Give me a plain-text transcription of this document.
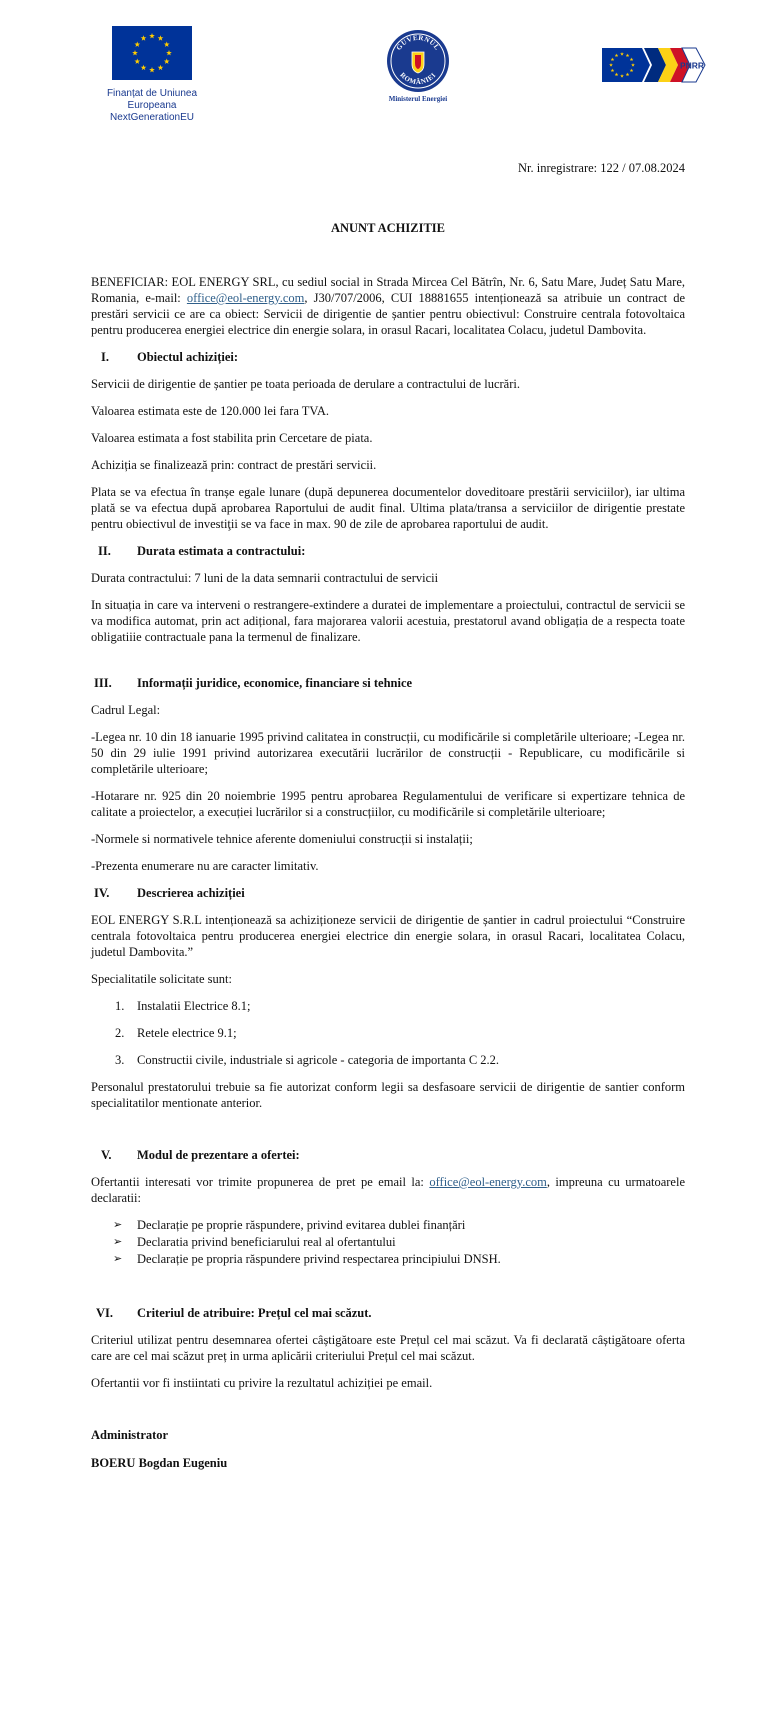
Finanțat de Uniunea Europeana
NextGenerationEU
GUVERNUL
ROMÂNIEI
Ministerul Energiei
PNRR

Nr. inregistrare: 122 / 07.08.2024

ANUNT ACHIZITIE

BENEFICIAR: EOL ENERGY SRL, cu sediul social in Strada Mircea Cel Bătrîn, Nr. 6, Satu Mare, Județ Satu Mare, Romania, e-mail: office@eol-energy.com, J30/707/2006, CUI 18881655 intenționează sa atribuie un contract de prestări servicii ce are ca obiect: Servicii de dirigentie de șantier pentru obiectivul: Construire centrala fotovoltaica pentru producerea energiei electrice din energie solara, in orasul Racari, localitatea Colacu, judetul Dambovita.

I.	Obiectul achiziției:

Servicii de dirigentie de șantier pe toata perioada de derulare a contractului de lucrări.

Valoarea estimata este de 120.000 lei fara TVA.

Valoarea estimata a fost stabilita prin Cercetare de piata.

Achiziția se finalizează prin: contract de prestări servicii.

Plata se va efectua în tranșe egale lunare (după depunerea documentelor doveditoare prestării serviciilor), iar ultima plată se va efectua după aprobarea Raportului de audit final. Ultima plata/transa a serviciilor de dirigentie prestate pentru obiectivul de investiţii se va face in max. 90 de zile de aprobarea raportului de audit.

II.	Durata estimata a contractului:

Durata contractului: 7 luni de la data semnarii contractului de servicii

In situația in care va interveni o restrangere-extindere a duratei de implementare a proiectului, contractul de servicii se va modifica automat, prin act adițional, fara majorarea valorii acestuia, prestatorul avand obligația de a respecta toate obligatiiie contractuale pana la termenul de finalizare.

III.	Informații juridice, economice, financiare si tehnice

Cadrul Legal:

-Legea nr. 10 din 18 ianuarie 1995 privind calitatea in construcții, cu modificările si completările ulterioare; -Legea nr. 50 din 29 iulie 1991 privind autorizarea executării lucrărilor de construcții - Republicare, cu modificările si completările ulterioare;

-Hotarare nr. 925 din 20 noiembrie 1995 pentru aprobarea Regulamentului de verificare si expertizare tehnica de calitate a proiectelor, a execuției lucrărilor si a construcțiilor, cu modificările si completările ulterioare;

-Normele si normativele tehnice aferente domeniului construcții si instalații;

-Prezenta enumerare nu are caracter limitativ.

IV.	Descrierea achiziției

EOL ENERGY S.R.L intenționează sa achiziționeze servicii de dirigentie de șantier in cadrul proiectului “Construire centrala fotovoltaica pentru producerea energiei electrice din energie solara, in orasul Racari, localitatea Colacu, judetul Dambovita.”

Specialitatile solicitate sunt:

1.	Instalatii Electrice 8.1;
2.	Retele electrice 9.1;
3.	Constructii civile, industriale si agricole - categoria de importanta C 2.2.

Personalul prestatorului trebuie sa fie autorizat conform legii sa desfasoare servicii de dirigentie de santier conform specialitatilor mentionate anterior.

V.	Modul de prezentare a ofertei:

Ofertantii interesati vor trimite propunerea de pret pe email la: office@eol-energy.com, impreuna cu urmatoarele declaratii:

➢	Declarație pe proprie răspundere, privind evitarea dublei finanțări
➢	Declaratia privind beneficiarului real al ofertantului
➢	Declarație pe propria răspundere privind respectarea principiului DNSH.
VI.	Criteriul de atribuire: Prețul cel mai scăzut.

Criteriul utilizat pentru desemnarea ofertei câștigătoare este Prețul cel mai scăzut. Va fi declarată câștigătoare oferta care are cel mai scăzut preț in urma aplicării criteriului Prețul cel mai scăzut.

Ofertantii vor fi instiintati cu privire la rezultatul achiziției pe email.

Administrator
BOERU Bogdan Eugeniu
